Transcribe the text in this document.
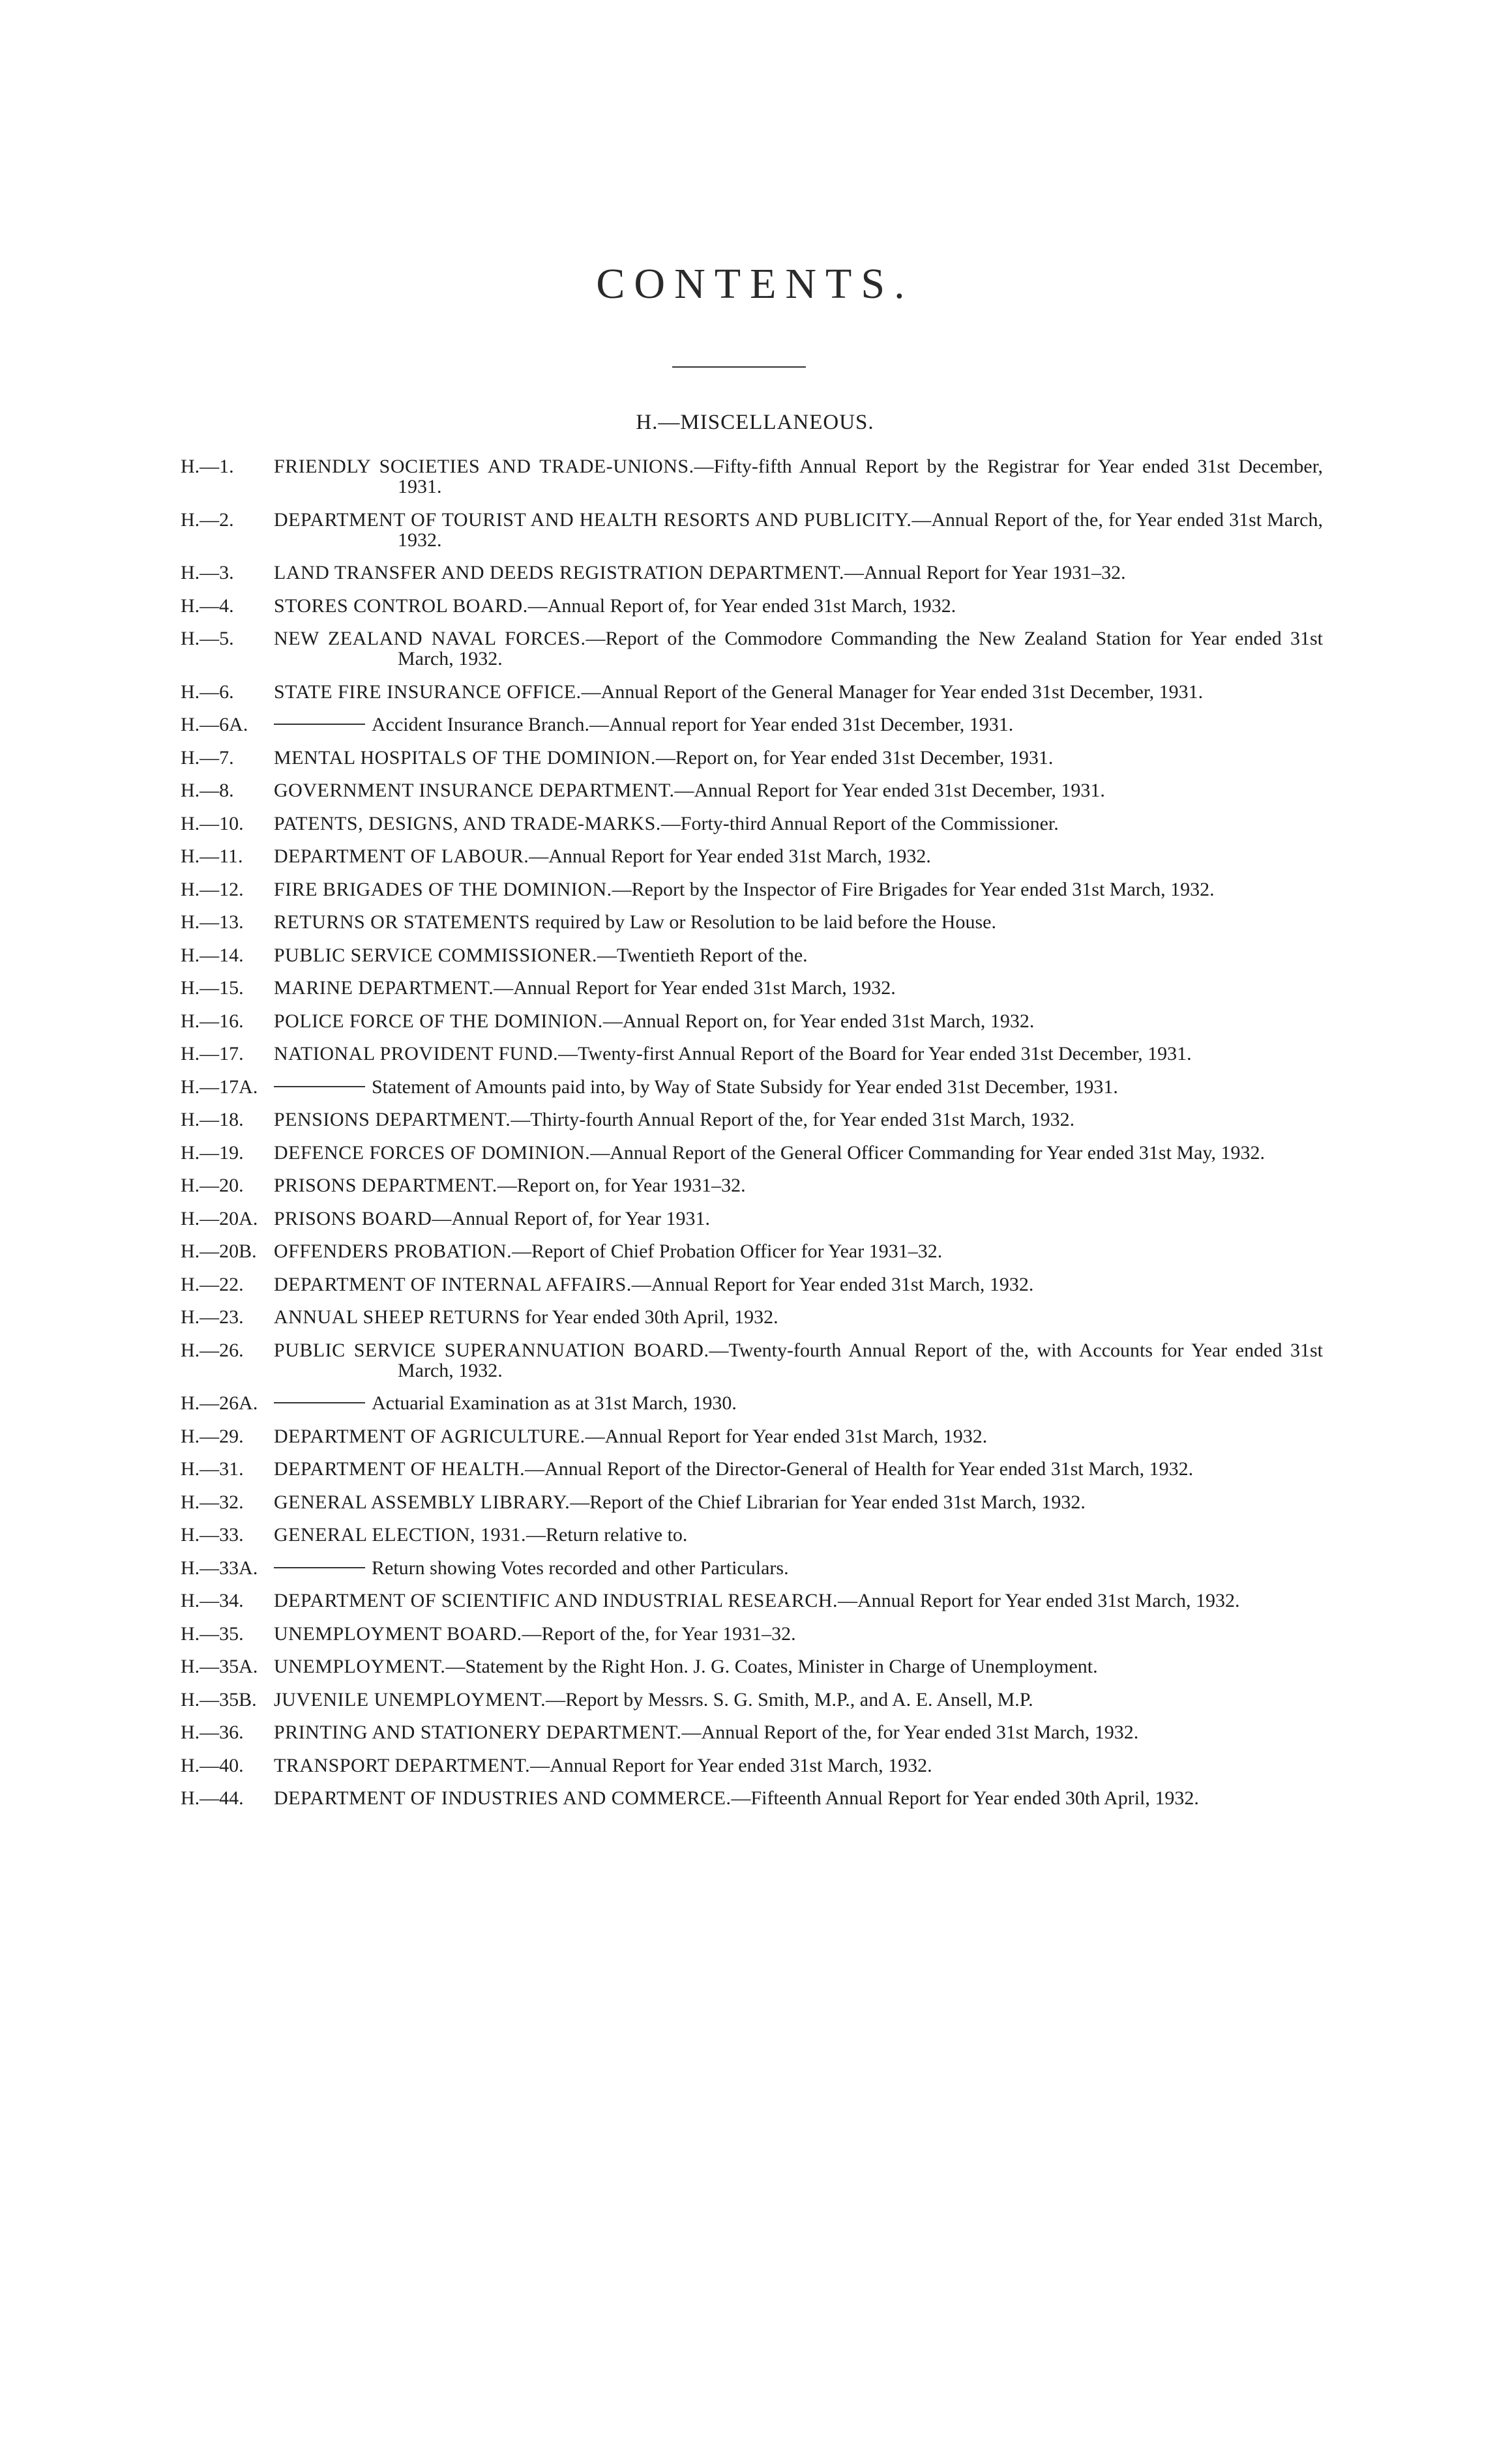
CONTENTS.
H.—MISCELLANEOUS.
H.—1.	FRIENDLY SOCIETIES AND TRADE-UNIONS.—Fifty-fifth Annual Report by the Registrar for Year ended 31st December, 1931.
H.—2.	DEPARTMENT OF TOURIST AND HEALTH RESORTS AND PUBLICITY.—Annual Report of the, for Year ended 31st March, 1932.
H.—3.	LAND TRANSFER AND DEEDS REGISTRATION DEPARTMENT.—Annual Report for Year 1931–32.
H.—4.	STORES CONTROL BOARD.—Annual Report of, for Year ended 31st March, 1932.
H.—5.	NEW ZEALAND NAVAL FORCES.—Report of the Commodore Commanding the New Zealand Station for Year ended 31st March, 1932.
H.—6.	STATE FIRE INSURANCE OFFICE.—Annual Report of the General Manager for Year ended 31st December, 1931.
H.—6A.	Accident Insurance Branch.—Annual report for Year ended 31st December, 1931.
H.—7.	MENTAL HOSPITALS OF THE DOMINION.—Report on, for Year ended 31st December, 1931.
H.—8.	GOVERNMENT INSURANCE DEPARTMENT.—Annual Report for Year ended 31st December, 1931.
H.—10.	PATENTS, DESIGNS, AND TRADE-MARKS.—Forty-third Annual Report of the Commissioner.
H.—11.	DEPARTMENT OF LABOUR.—Annual Report for Year ended 31st March, 1932.
H.—12.	FIRE BRIGADES OF THE DOMINION.—Report by the Inspector of Fire Brigades for Year ended 31st March, 1932.
H.—13.	RETURNS OR STATEMENTS required by Law or Resolution to be laid before the House.
H.—14.	PUBLIC SERVICE COMMISSIONER.—Twentieth Report of the.
H.—15.	MARINE DEPARTMENT.—Annual Report for Year ended 31st March, 1932.
H.—16.	POLICE FORCE OF THE DOMINION.—Annual Report on, for Year ended 31st March, 1932.
H.—17.	NATIONAL PROVIDENT FUND.—Twenty-first Annual Report of the Board for Year ended 31st December, 1931.
H.—17A.	Statement of Amounts paid into, by Way of State Subsidy for Year ended 31st December, 1931.
H.—18.	PENSIONS DEPARTMENT.—Thirty-fourth Annual Report of the, for Year ended 31st March, 1932.
H.—19.	DEFENCE FORCES OF DOMINION.—Annual Report of the General Officer Commanding for Year ended 31st May, 1932.
H.—20.	PRISONS DEPARTMENT.—Report on, for Year 1931–32.
H.—20A. PRISONS BOARD—Annual Report of, for Year 1931.
H.—20B. OFFENDERS PROBATION.—Report of Chief Probation Officer for Year 1931–32.
H.—22.	DEPARTMENT OF INTERNAL AFFAIRS.—Annual Report for Year ended 31st March, 1932.
H.—23.	ANNUAL SHEEP RETURNS for Year ended 30th April, 1932.
H.—26.	PUBLIC SERVICE SUPERANNUATION BOARD.—Twenty-fourth Annual Report of the, with Accounts for Year ended 31st March, 1932.
H.—26A.	Actuarial Examination as at 31st March, 1930.
H.—29.	DEPARTMENT OF AGRICULTURE.—Annual Report for Year ended 31st March, 1932.
H.—31.	DEPARTMENT OF HEALTH.—Annual Report of the Director-General of Health for Year ended 31st March, 1932.
H.—32.	GENERAL ASSEMBLY LIBRARY.—Report of the Chief Librarian for Year ended 31st March, 1932.
H.—33.	GENERAL ELECTION, 1931.—Return relative to.
H.—33A.	Return showing Votes recorded and other Particulars.
H.—34.	DEPARTMENT OF SCIENTIFIC AND INDUSTRIAL RESEARCH.—Annual Report for Year ended 31st March, 1932.
H.—35.	UNEMPLOYMENT BOARD.—Report of the, for Year 1931–32.
H.—35A. UNEMPLOYMENT.—Statement by the Right Hon. J. G. Coates, Minister in Charge of Unemployment.
H.—35B. JUVENILE UNEMPLOYMENT.—Report by Messrs. S. G. Smith, M.P., and A. E. Ansell, M.P.
H.—36.	PRINTING AND STATIONERY DEPARTMENT.—Annual Report of the, for Year ended 31st March, 1932.
H.—40.	TRANSPORT DEPARTMENT.—Annual Report for Year ended 31st March, 1932.
H.—44.	DEPARTMENT OF INDUSTRIES AND COMMERCE.—Fifteenth Annual Report for Year ended 30th April, 1932.
